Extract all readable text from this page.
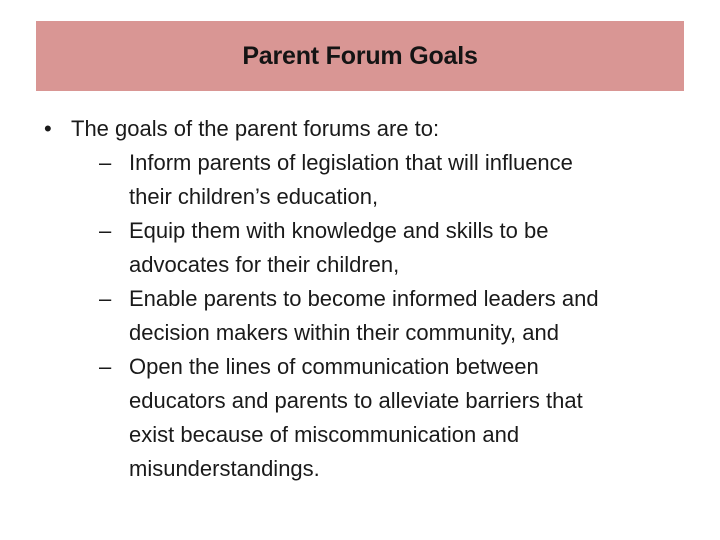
Parent Forum Goals
• The goals of the parent forums are to:
– Inform parents of legislation that will influence
their children’s education,
– Equip them with knowledge and skills to be
advocates for their children,
– Enable parents to become informed leaders and
decision makers within their community, and
– Open the lines of communication between
educators and parents to alleviate barriers that
exist because of miscommunication and
misunderstandings.
